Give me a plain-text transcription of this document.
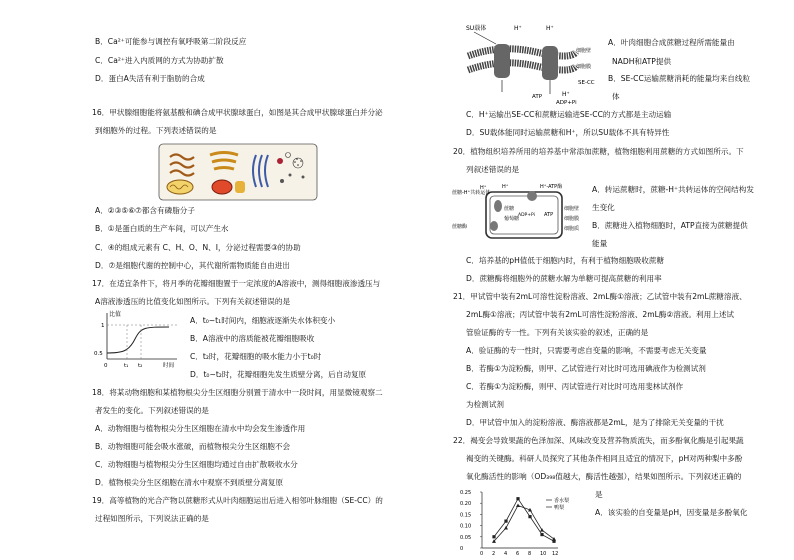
B．Ca²⁺可能参与调控有氧呼吸第二阶段反应
C．Ca²⁺进入内质网的方式为协助扩散
D．蛋白A失活有利于脂肪的合成
16．甲状腺细胞能将氨基酸和碘合成甲状腺球蛋白，如图是其合成甲状腺球蛋白并分泌
到细胞外的过程。下列表述错误的是
A．②③⑤⑥⑦都含有磷脂分子
B．①是蛋白质的生产车间，可以产生水
C．④的组成元素有 C、H、O、N、I，分泌过程需要③的协助
D．⑦是细胞代谢的控制中心，其代谢所需物质能自由进出
17．在适宜条件下，将月季的花瓣细胞置于一定浓度的A溶液中，测得细胞液渗透压与
A溶液渗透压的比值变化如图所示。下列有关叙述错误的是
比值
1
0.5
0	t₁ t₂	时间
A．t₀~t₁时间内，细胞液逐渐失水体积变小
B．A溶液中的溶质能被花瓣细胞吸收
C．t₂时，花瓣细胞的吸水能力小于t₀时
D．t₀~t₂时，花瓣细胞先发生质壁分离，后自动复原
18．将某动物细胞和某植物根尖分生区细胞分别置于清水中一段时间，用显微镜观察二
者发生的变化。下列叙述错误的是
A．动物细胞与植物根尖分生区细胞在清水中均会发生渗透作用
B．动物细胞可能会吸水涨破，而植物根尖分生区细胞不会
C．动物细胞与植物根尖分生区细胞均通过自由扩散吸收水分
D．植物根尖分生区细胞在清水中观察不到质壁分离复原
19．高等植物的光合产物以蔗糖形式从叶肉细胞运出后进入相邻叶脉细胞（SE-CC）的
过程如图所示，下列说法正确的是
SU载体	H⁺	H⁺
H⁺
细胞壁
细胞膜
SE-CC
ATP
ADP+Pi
A．叶肉细胞合成蔗糖过程所需能量由
NADH和ATP提供
B．SE-CC运输蔗糖消耗的能量均来自线粒
体
C．H⁺运输出SE-CC和蔗糖运输进SE-CC的方式都是主动运输
D．SU载体能同时运输蔗糖和H⁺，所以SU载体不具有特异性
20．植物组织培养所用的培养基中常添加蔗糖，植物细胞利用蔗糖的方式如图所示。下
列叙述错误的是
蔗糖-H⁺共转运体
H⁺	H⁺-ATP酶
H⁺
蔗糖
葡萄糖
蔗糖酶
ADP+Pi ATP
细胞壁
细胞膜
细胞质
A．转运蔗糖时，蔗糖-H⁺共转运体的空间结构发
生变化
B．蔗糖进入植物细胞时，ATP直接为蔗糖提供
能量
C．培养基的pH值低于细胞内时，有利于植物细胞吸收蔗糖
D．蔗糖酶将细胞外的蔗糖水解为单糖可提高蔗糖的利用率
21．甲试管中装有2mL可溶性淀粉溶液、2mL酶①溶液；乙试管中装有2mL蔗糖溶液、
2mL酶①溶液；丙试管中装有2mL可溶性淀粉溶液、2mL酶②溶液。利用上述试
管验证酶的专一性。下列有关该实验的叙述，正确的是
A．验证酶的专一性时，只需要考虑自变量的影响，不需要考虑无关变量
B．若酶①为淀粉酶，则甲、乙试管进行对比时可选用碘液作为检测试剂
C．若酶①为淀粉酶，则甲、丙试管进行对比时可选用斐林试剂作
为检测试剂
D．甲试管中加入的淀粉溶液、酶溶液都是2mL，是为了排除无关变量的干扰
22．褐变会导致果蔬的色泽加深、风味改变及营养物质流失，而多酚氧化酶是引起果蔬
褐变的关键酶。科研人员探究了其他条件相同且适宜的情况下，pH对两种梨中多酚
氧化酶活性的影响（OD₃₉₈值越大，酶活性越强），结果如图所示。下列叙述正确的
是
A．该实验的自变量是pH，因变量是多酚氧化
0.25
0.20
0.15
0.10
0.05
0
0 2 4 6 8 10 12
香水梨
鸭梨
